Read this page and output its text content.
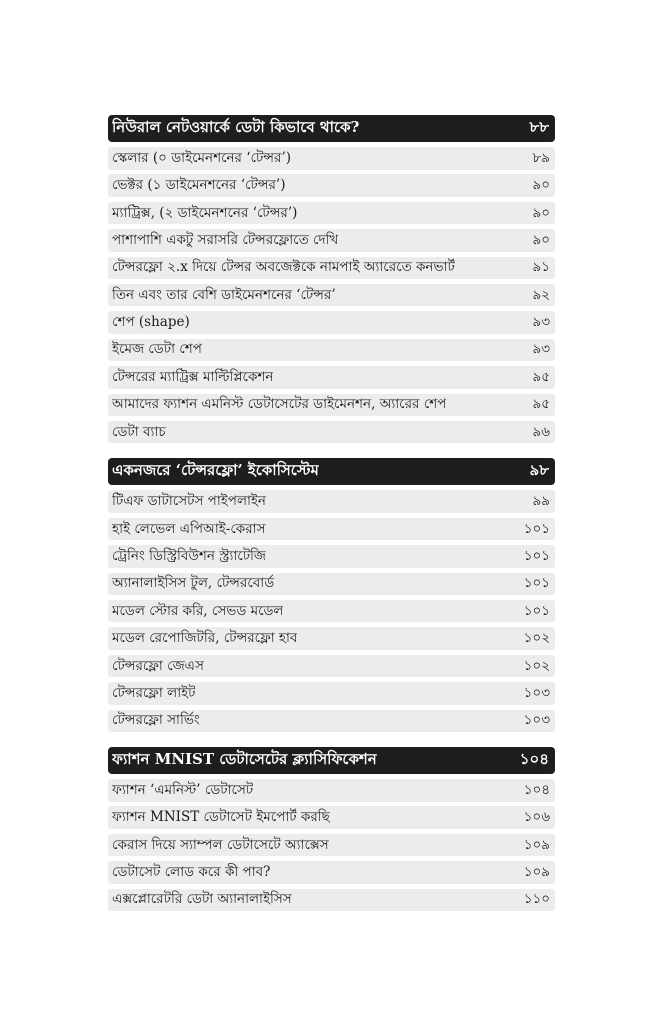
নিউরাল নেটওয়ার্কে ডেটা কিভাবে থাকে?	৮৮
স্কেলার (০ ডাইমেনশনের ‘টেন্সর’)	৮৯
ভেক্টর (১ ডাইমেনশনের ‘টেন্সর’)	৯০
ম্যাট্রিক্স, (২ ডাইমেনশনের ‘টেন্সর’)	৯০
পাশাপাশি একটু সরাসরি টেন্সরফ্লোতে দেখি	৯০
টেন্সরফ্লো ২.x দিয়ে টেন্সর অবজেক্টকে নামপাই অ্যারেতে কনভার্ট	৯১
তিন এবং তার বেশি ডাইমেনশনের ‘টেন্সর’	৯২
শেপ (shape)	৯৩
ইমেজ ডেটা শেপ	৯৩
টেন্সরের ম্যাট্রিক্স মাল্টিপ্লিকেশন	৯৫
আমাদের ফ্যাশন এমনিস্ট ডেটাসেটের ডাইমেনশন, অ্যারের শেপ	৯৫
ডেটা ব্যাচ	৯৬
একনজরে ‘টেন্সরফ্লো’ ইকোসিস্টেম	৯৮
টিএফ ডাটাসেটস পাইপলাইন	৯৯
হাই লেভেল এপিআই-কেরাস	১০১
ট্রেনিং ডিস্ট্রিবিউশন স্ট্র্যাটেজি	১০১
অ্যানালাইসিস টুল, টেন্সরবোর্ড	১০১
মডেল স্টোর করি, সেভড মডেল	১০১
মডেল রেপোজিটরি, টেন্সরফ্লো হাব	১০২
টেন্সরফ্লো জেএস	১০২
টেন্সরফ্লো লাইট	১০৩
টেন্সরফ্লো সার্ভিং	১০৩
ফ্যাশন MNIST ডেটাসেটের ক্ল্যাসিফিকেশন	১০৪
ফ্যাশন ‘এমনিস্ট’ ডেটাসেট	১০৪
ফ্যাশন MNIST ডেটাসেট ইমপোর্ট করছি	১০৬
কেরাস দিয়ে স্যাম্পল ডেটাসেটে অ্যাক্সেস	১০৯
ডেটাসেট লোড করে কী পাব?	১০৯
এক্সপ্লোরেটরি ডেটা অ্যানালাইসিস	১১০
